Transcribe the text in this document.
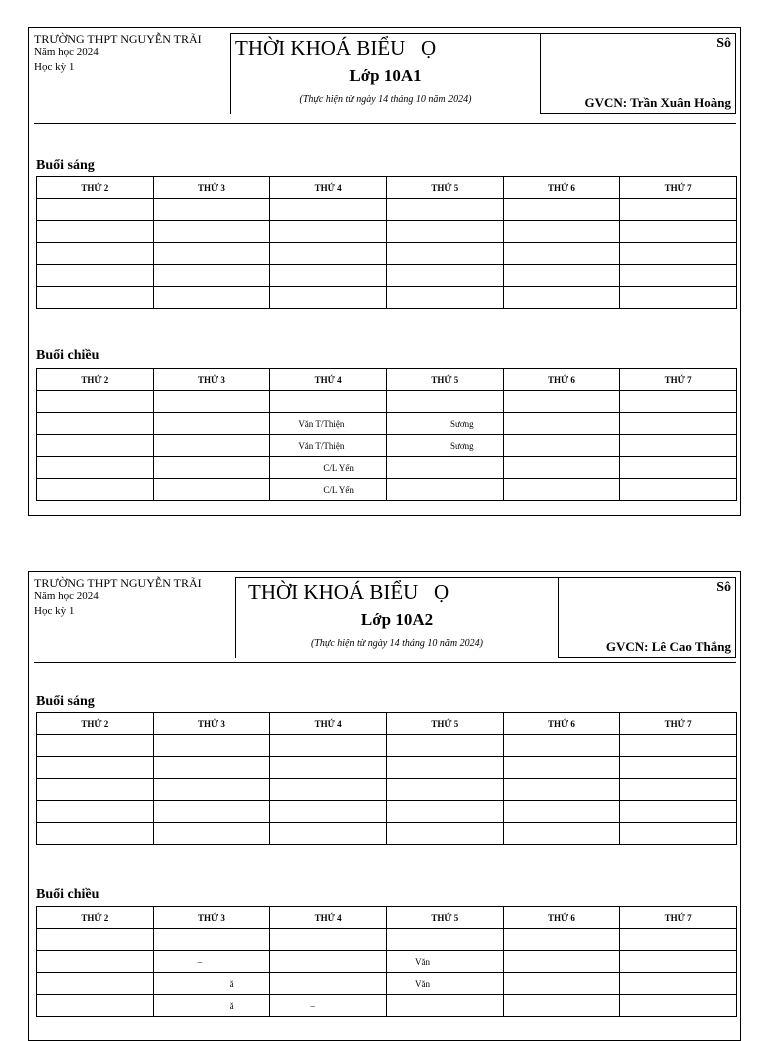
TRƯỜNG THPT NGUYỄN TRÃI
Năm học 2024
Học kỳ 1
THỜI KHOÁ BIỂU   Ọ
Lớp 10A1
(Thực hiện từ ngày 14 tháng 10 năm 2024)
Sô
GVCN: Trần Xuân Hoàng
Buổi sáng
THỨ 2	THỨ 3	THỨ 4	THỨ 5	THỨ 6	THỨ 7

Buổi chiều
THỨ 2	THỨ 3	THỨ 4	THỨ 5	THỨ 6	THỨ 7

		Văn T/Thiện	Sương		
		Văn T/Thiện	Sương		
		C/L Yến			
		C/L Yến			
TRƯỜNG THPT NGUYỄN TRÃI
Năm học 2024
Học kỳ 1
THỜI KHOÁ BIỂU   Ọ
Lớp 10A2
(Thực hiện từ ngày 14 tháng 10 năm 2024)
Sô
GVCN: Lê Cao Thắng
Buổi sáng
THỨ 2	THỨ 3	THỨ 4	THỨ 5	THỨ 6	THỨ 7

Buổi chiều
THỨ 2	THỨ 3	THỨ 4	THỨ 5	THỨ 6	THỨ 7

	–		Văn		
	ă		Văn		
	ă	–			
